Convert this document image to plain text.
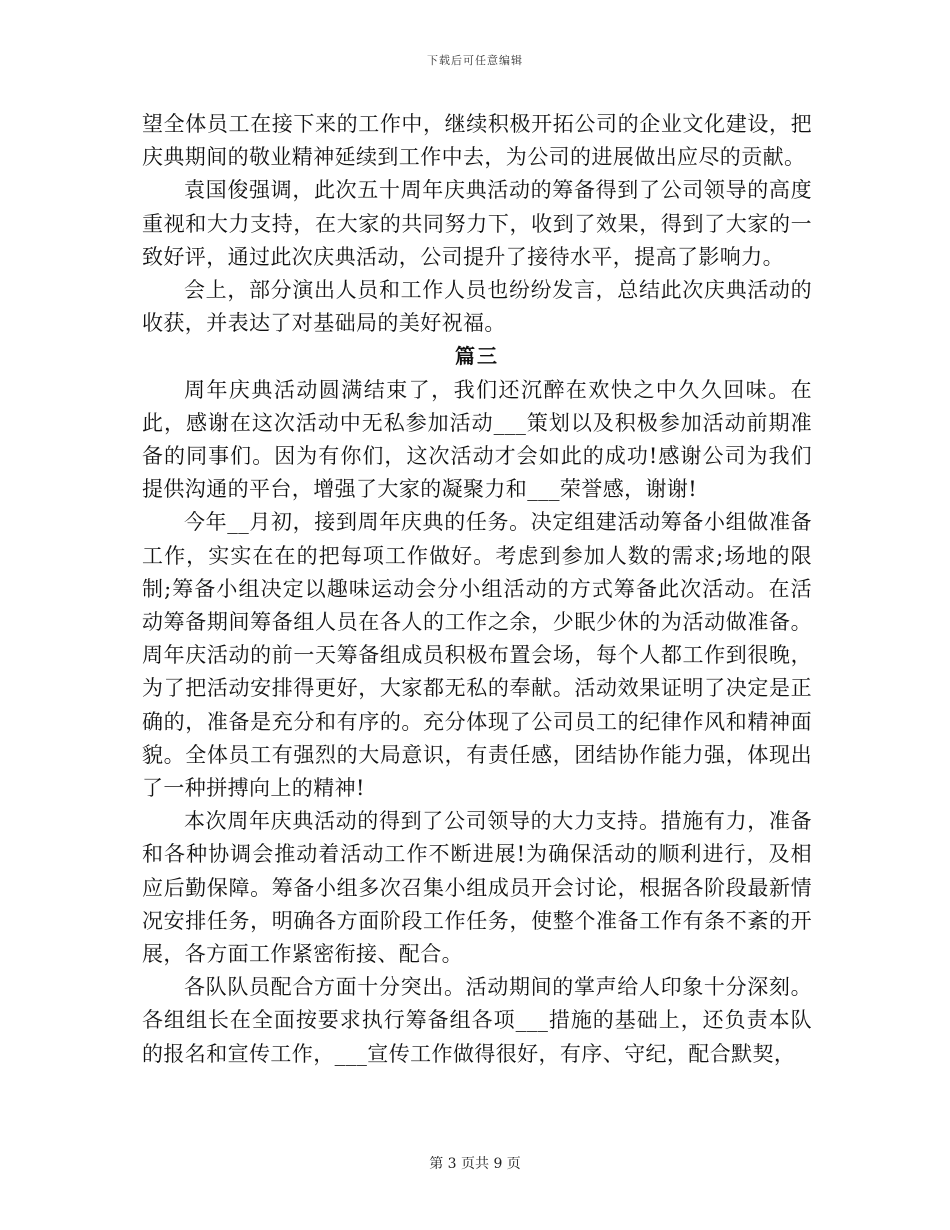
下载后可任意编辑

望全体员工在接下来的工作中，继续积极开拓公司的企业文化建设，把庆典期间的敬业精神延续到工作中去，为公司的进展做出应尽的贡献。

袁国俊强调，此次五十周年庆典活动的筹备得到了公司领导的高度重视和大力支持，在大家的共同努力下，收到了效果，得到了大家的一致好评，通过此次庆典活动，公司提升了接待水平，提高了影响力。

会上，部分演出人员和工作人员也纷纷发言，总结此次庆典活动的收获，并表达了对基础局的美好祝福。

篇三

周年庆典活动圆满结束了，我们还沉醉在欢快之中久久回味。在此，感谢在这次活动中无私参加活动___策划以及积极参加活动前期准备的同事们。因为有你们，这次活动才会如此的成功!感谢公司为我们提供沟通的平台，增强了大家的凝聚力和___荣誉感，谢谢!

今年__月初，接到周年庆典的任务。决定组建活动筹备小组做准备工作，实实在在的把每项工作做好。考虑到参加人数的需求;场地的限制;筹备小组决定以趣味运动会分小组活动的方式筹备此次活动。在活动筹备期间筹备组人员在各人的工作之余，少眠少休的为活动做准备。周年庆活动的前一天筹备组成员积极布置会场，每个人都工作到很晚，为了把活动安排得更好，大家都无私的奉献。活动效果证明了决定是正确的，准备是充分和有序的。充分体现了公司员工的纪律作风和精神面貌。全体员工有强烈的大局意识，有责任感，团结协作能力强，体现出了一种拼搏向上的精神!

本次周年庆典活动的得到了公司领导的大力支持。措施有力，准备和各种协调会推动着活动工作不断进展!为确保活动的顺利进行，及相应后勤保障。筹备小组多次召集小组成员开会讨论，根据各阶段最新情况安排任务，明确各方面阶段工作任务，使整个准备工作有条不紊的开展，各方面工作紧密衔接、配合。

各队队员配合方面十分突出。活动期间的掌声给人印象十分深刻。各组组长在全面按要求执行筹备组各项___措施的基础上，还负责本队的报名和宣传工作，___宣传工作做得很好，有序、守纪，配合默契，

第 3 页共 9 页
